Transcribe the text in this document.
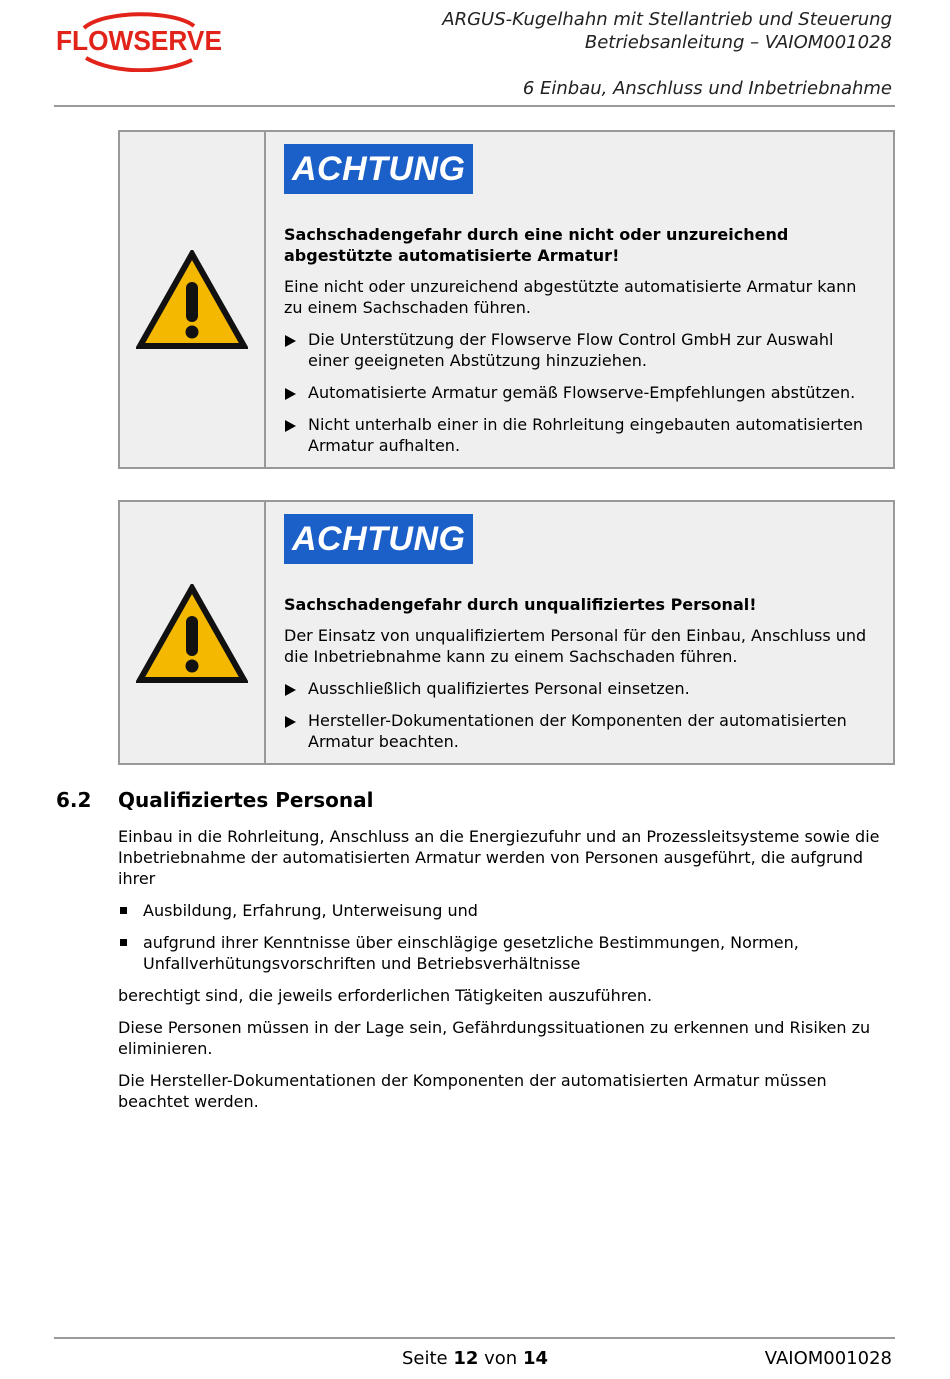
FLOWSERVE
ARGUS-Kugelhahn mit Stellantrieb und Steuerung
Betriebsanleitung – VAIOM001028
6 Einbau, Anschluss und Inbetriebnahme
ACHTUNG
Sachschadengefahr durch eine nicht oder unzureichend abgestützte automatisierte Armatur!
Eine nicht oder unzureichend abgestützte automatisierte Armatur kann zu einem Sachschaden führen.
Die Unterstützung der Flowserve Flow Control GmbH zur Auswahl einer geeigneten Abstützung hinzuziehen.
Automatisierte Armatur gemäß Flowserve-Empfehlungen abstützen.
Nicht unterhalb einer in die Rohrleitung eingebauten automatisierten Armatur aufhalten.
ACHTUNG
Sachschadengefahr durch unqualifiziertes Personal!
Der Einsatz von unqualifiziertem Personal für den Einbau, Anschluss und die Inbetriebnahme kann zu einem Sachschaden führen.
Ausschließlich qualifiziertes Personal einsetzen.
Hersteller-Dokumentationen der Komponenten der automatisierten Armatur beachten.
6.2 Qualifiziertes Personal

Einbau in die Rohrleitung, Anschluss an die Energiezufuhr und an Prozessleitsysteme sowie die Inbetriebnahme der automatisierten Armatur werden von Personen ausgeführt, die aufgrund ihrer

Ausbildung, Erfahrung, Unterweisung und
aufgrund ihrer Kenntnisse über einschlägige gesetzliche Bestimmungen, Normen, Unfallverhütungsvorschriften und Betriebsverhältnisse

berechtigt sind, die jeweils erforderlichen Tätigkeiten auszuführen.

Diese Personen müssen in der Lage sein, Gefährdungssituationen zu erkennen und Risiken zu eliminieren.

Die Hersteller-Dokumentationen der Komponenten der automatisierten Armatur müssen beachtet werden.

Seite 12 von 14	VAIOM001028
